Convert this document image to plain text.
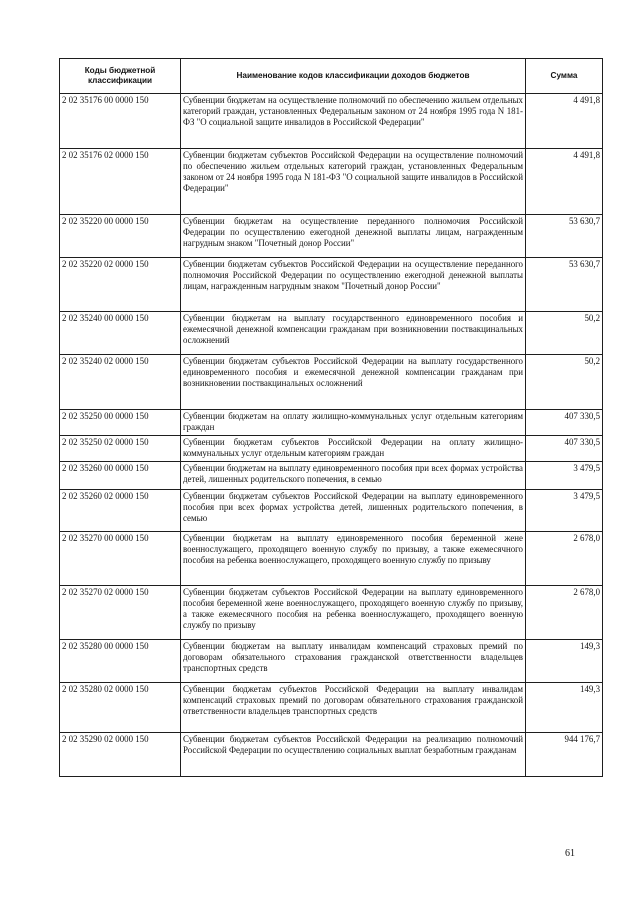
Коды бюджетной классификации	Наименование кодов классификации доходов бюджетов	Сумма
2 02 35176 00 0000 150	Субвенции бюджетам на осуществление полномочий по обеспечению жильем отдельных категорий граждан, установленных Федеральным законом от 24 ноября 1995 года N 181-ФЗ "О социальной защите инвалидов в Российской Федерации"	4 491,8
2 02 35176 02 0000 150	Субвенции бюджетам субъектов Российской Федерации на осуществление полномочий по обеспечению жильем отдельных категорий граждан, установленных Федеральным законом от 24 ноября 1995 года N 181-ФЗ "О социальной защите инвалидов в Российской Федерации"	4 491,8
2 02 35220 00 0000 150	Субвенции бюджетам на осуществление переданного полномочия Российской Федерации по осуществлению ежегодной денежной выплаты лицам, награжденным нагрудным знаком "Почетный донор России"	53 630,7
2 02 35220 02 0000 150	Субвенции бюджетам субъектов Российской Федерации на осуществление переданного полномочия Российской Федерации по осуществлению ежегодной денежной выплаты лицам, награжденным нагрудным знаком "Почетный донор России"	53 630,7
2 02 35240 00 0000 150	Субвенции бюджетам на выплату государственного единовременного пособия и ежемесячной денежной компенсации гражданам при возникновении поствакцинальных осложнений	50,2
2 02 35240 02 0000 150	Субвенции бюджетам субъектов Российской Федерации на выплату государственного единовременного пособия и ежемесячной денежной компенсации гражданам при возникновении поствакцинальных осложнений	50,2
2 02 35250 00 0000 150	Субвенции бюджетам на оплату жилищно-коммунальных услуг отдельным категориям граждан	407 330,5
2 02 35250 02 0000 150	Субвенции бюджетам субъектов Российской Федерации на оплату жилищно-коммунальных услуг отдельным категориям граждан	407 330,5
2 02 35260 00 0000 150	Субвенции бюджетам на выплату единовременного пособия при всех формах устройства детей, лишенных родительского попечения, в семью	3 479,5
2 02 35260 02 0000 150	Субвенции бюджетам субъектов Российской Федерации на выплату единовременного пособия при всех формах устройства детей, лишенных родительского попечения, в семью	3 479,5
2 02 35270 00 0000 150	Субвенции бюджетам на выплату единовременного пособия беременной жене военнослужащего, проходящего военную службу по призыву, а также ежемесячного пособия на ребенка военнослужащего, проходящего военную службу по призыву	2 678,0
2 02 35270 02 0000 150	Субвенции бюджетам субъектов Российской Федерации на выплату единовременного пособия беременной жене военнослужащего, проходящего военную службу по призыву, а также ежемесячного пособия на ребенка военнослужащего, проходящего военную службу по призыву	2 678,0
2 02 35280 00 0000 150	Субвенции бюджетам на выплату инвалидам компенсаций страховых премий по договорам обязательного страхования гражданской ответственности владельцев транспортных средств	149,3
2 02 35280 02 0000 150	Субвенции бюджетам субъектов Российской Федерации на выплату инвалидам компенсаций страховых премий по договорам обязательного страхования гражданской ответственности владельцев транспортных средств	149,3
2 02 35290 02 0000 150	Субвенции бюджетам субъектов Российской Федерации на реализацию полномочий Российской Федерации по осуществлению социальных выплат безработным гражданам	944 176,7
61
